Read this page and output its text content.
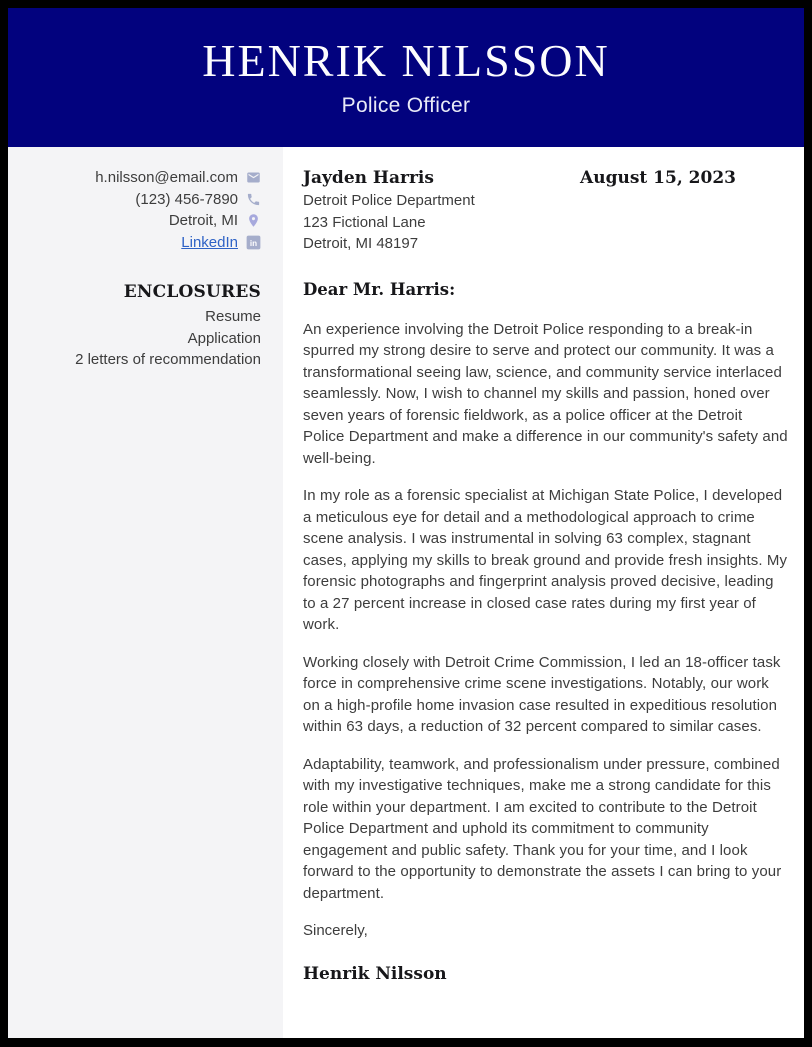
HENRIK NILSSON
Police Officer
h.nilsson@email.com
(123) 456-7890
Detroit, MI
LinkedIn in
ENCLOSURES
Resume
Application
2 letters of recommendation
Jayden Harris
Detroit Police Department
123 Fictional Lane
Detroit, MI 48197
August 15, 2023
Dear Mr. Harris:

An experience involving the Detroit Police responding to a break-in spurred my strong desire to serve and protect our community. It was a transformational seeing law, science, and community service interlaced seamlessly. Now, I wish to channel my skills and passion, honed over seven years of forensic fieldwork, as a police officer at the Detroit Police Department and make a difference in our community's safety and well-being.

In my role as a forensic specialist at Michigan State Police, I developed a meticulous eye for detail and a methodological approach to crime scene analysis. I was instrumental in solving 63 complex, stagnant cases, applying my skills to break ground and provide fresh insights. My forensic photographs and fingerprint analysis proved decisive, leading to a 27 percent increase in closed case rates during my first year of work.

Working closely with Detroit Crime Commission, I led an 18-officer task force in comprehensive crime scene investigations. Notably, our work on a high-profile home invasion case resulted in expeditious resolution within 63 days, a reduction of 32 percent compared to similar cases.

Adaptability, teamwork, and professionalism under pressure, combined with my investigative techniques, make me a strong candidate for this role within your department. I am excited to contribute to the Detroit Police Department and uphold its commitment to community engagement and public safety. Thank you for your time, and I look forward to the opportunity to demonstrate the assets I can bring to your department.

Sincerely,
Henrik Nilsson
